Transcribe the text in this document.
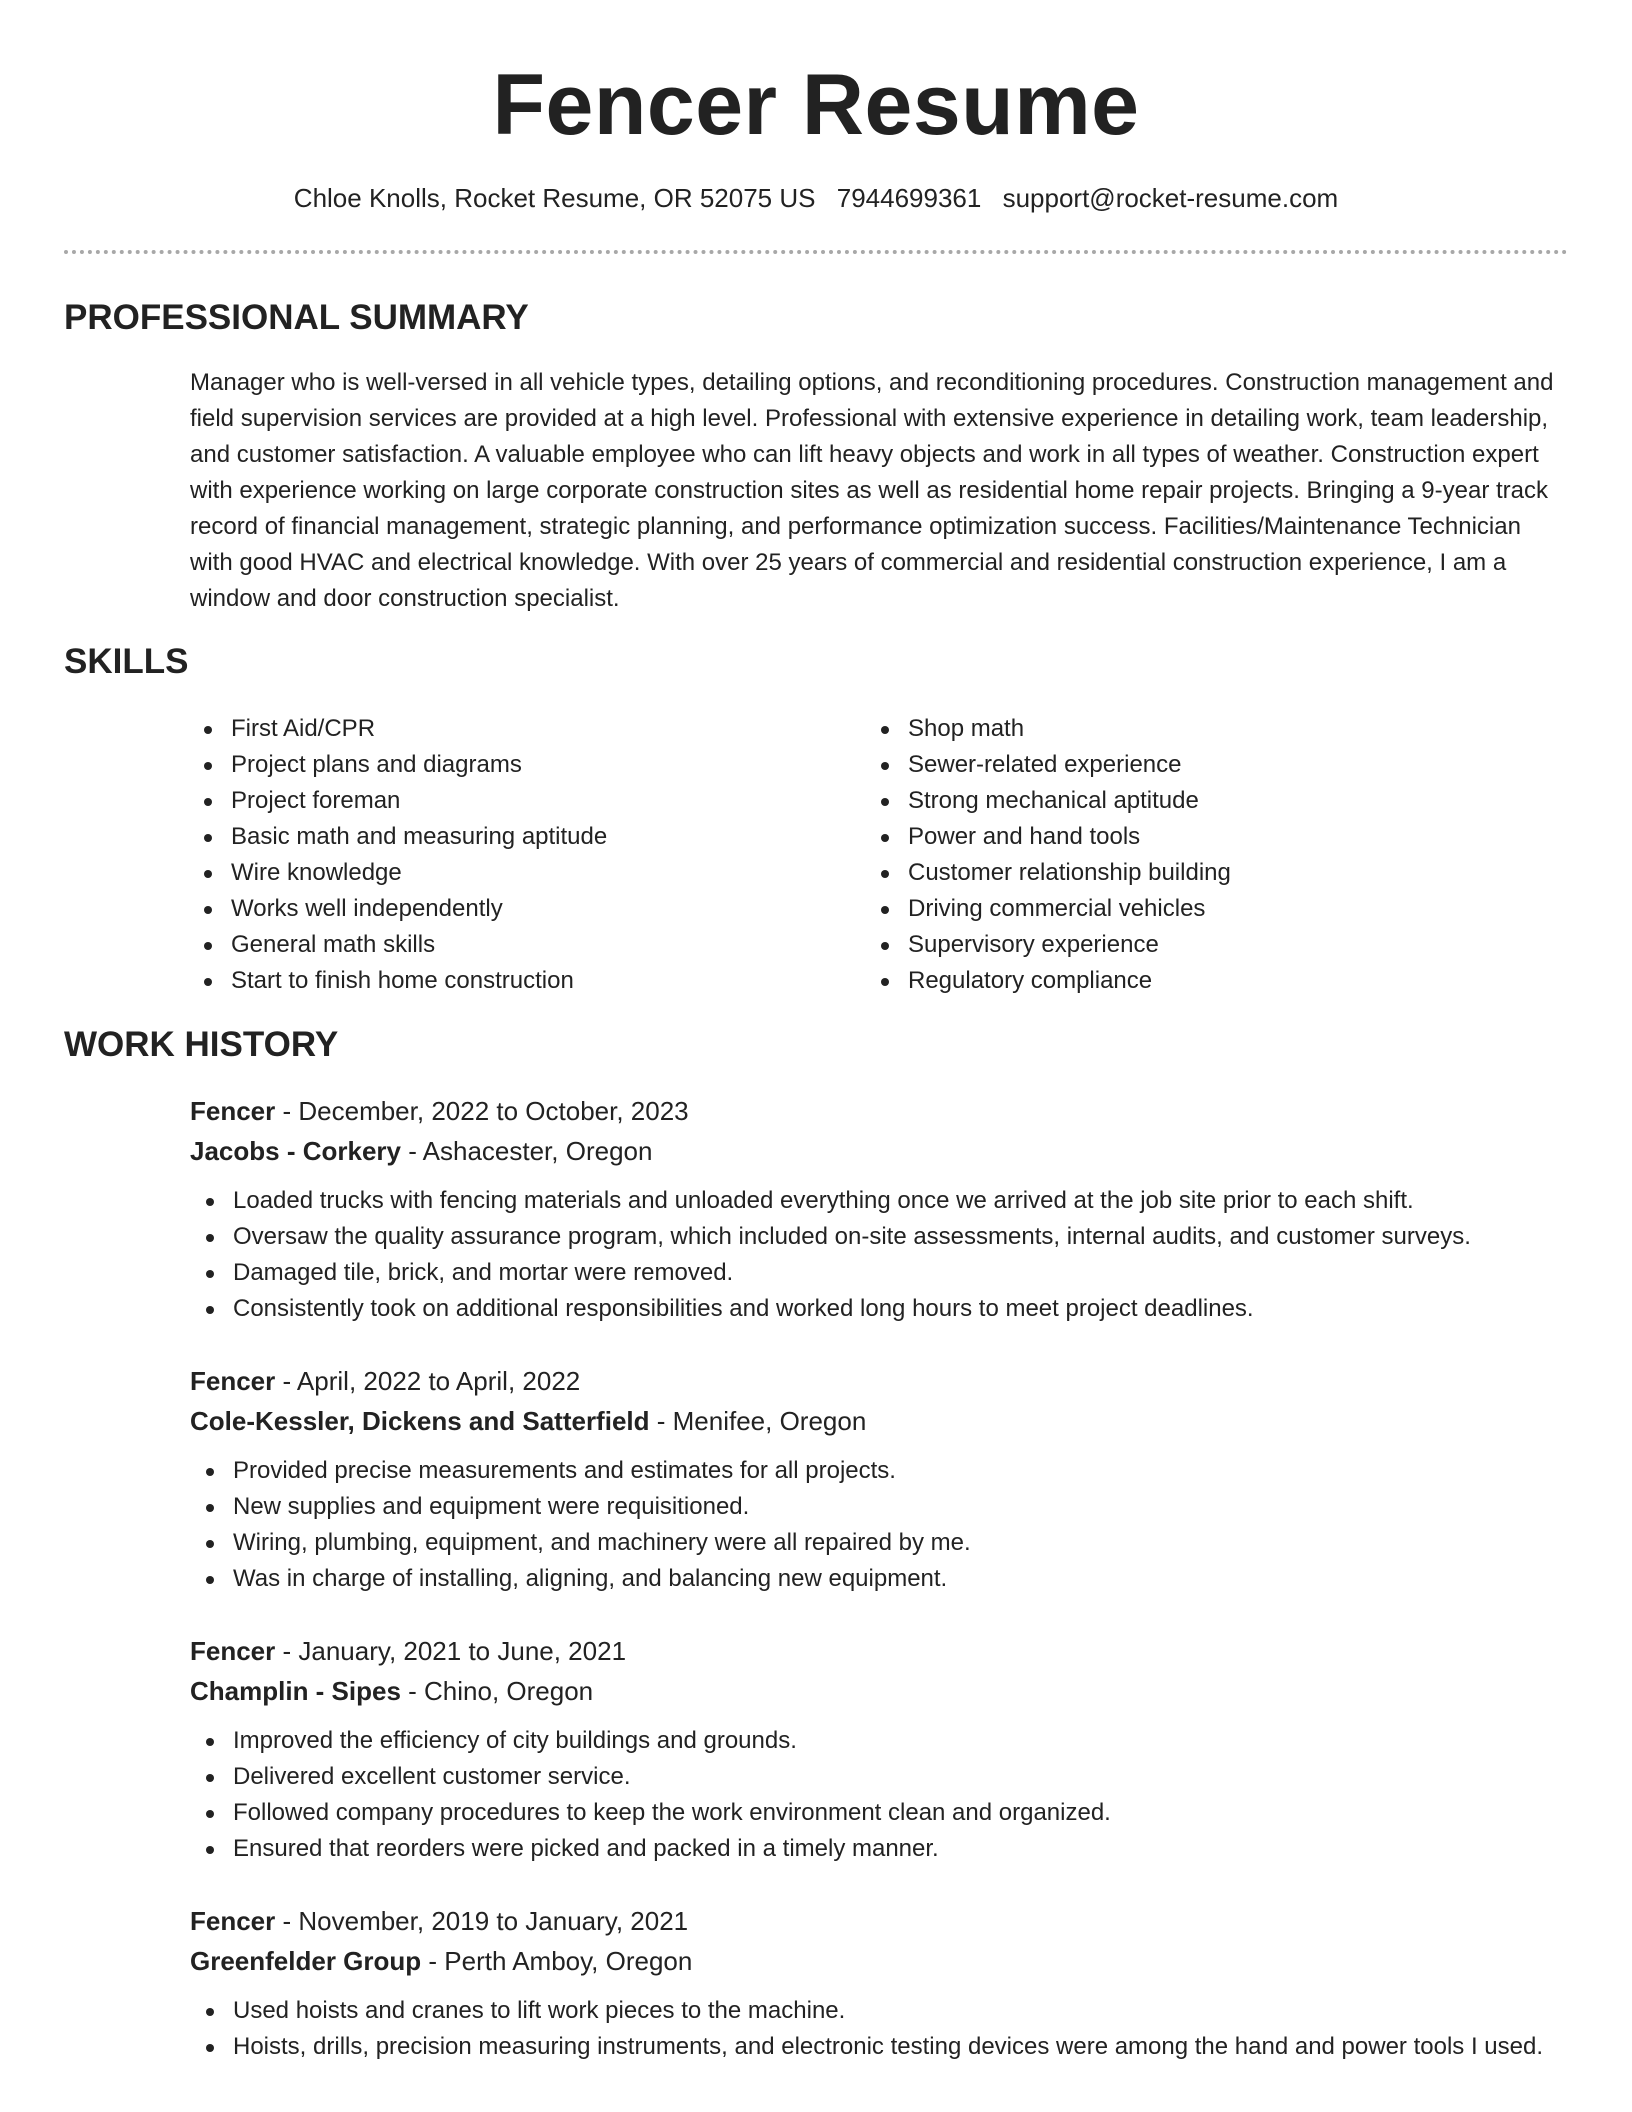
Fencer Resume
Chloe Knolls, Rocket Resume, OR 52075 US 7944699361 support@rocket-resume.com
PROFESSIONAL SUMMARY

Manager who is well-versed in all vehicle types, detailing options, and reconditioning procedures. Construction management and field supervision services are provided at a high level. Professional with extensive experience in detailing work, team leadership, and customer satisfaction. A valuable employee who can lift heavy objects and work in all types of weather. Construction expert with experience working on large corporate construction sites as well as residential home repair projects. Bringing a 9-year track record of financial management, strategic planning, and performance optimization success. Facilities/Maintenance Technician with good HVAC and electrical knowledge. With over 25 years of commercial and residential construction experience, I am a window and door construction specialist.

SKILLS
First Aid/CPR
Project plans and diagrams
Project foreman
Basic math and measuring aptitude
Wire knowledge
Works well independently
General math skills
Start to finish home construction
Shop math
Sewer-related experience
Strong mechanical aptitude
Power and hand tools
Customer relationship building
Driving commercial vehicles
Supervisory experience
Regulatory compliance
WORK HISTORY
Fencer - December, 2022 to October, 2023
Jacobs - Corkery - Ashacester, Oregon
Loaded trucks with fencing materials and unloaded everything once we arrived at the job site prior to each shift.
Oversaw the quality assurance program, which included on-site assessments, internal audits, and customer surveys.
Damaged tile, brick, and mortar were removed.
Consistently took on additional responsibilities and worked long hours to meet project deadlines.
Fencer - April, 2022 to April, 2022
Cole-Kessler, Dickens and Satterfield - Menifee, Oregon
Provided precise measurements and estimates for all projects.
New supplies and equipment were requisitioned.
Wiring, plumbing, equipment, and machinery were all repaired by me.
Was in charge of installing, aligning, and balancing new equipment.
Fencer - January, 2021 to June, 2021
Champlin - Sipes - Chino, Oregon
Improved the efficiency of city buildings and grounds.
Delivered excellent customer service.
Followed company procedures to keep the work environment clean and organized.
Ensured that reorders were picked and packed in a timely manner.
Fencer - November, 2019 to January, 2021
Greenfelder Group - Perth Amboy, Oregon
Used hoists and cranes to lift work pieces to the machine.
Hoists, drills, precision measuring instruments, and electronic testing devices were among the hand and power tools I used.
